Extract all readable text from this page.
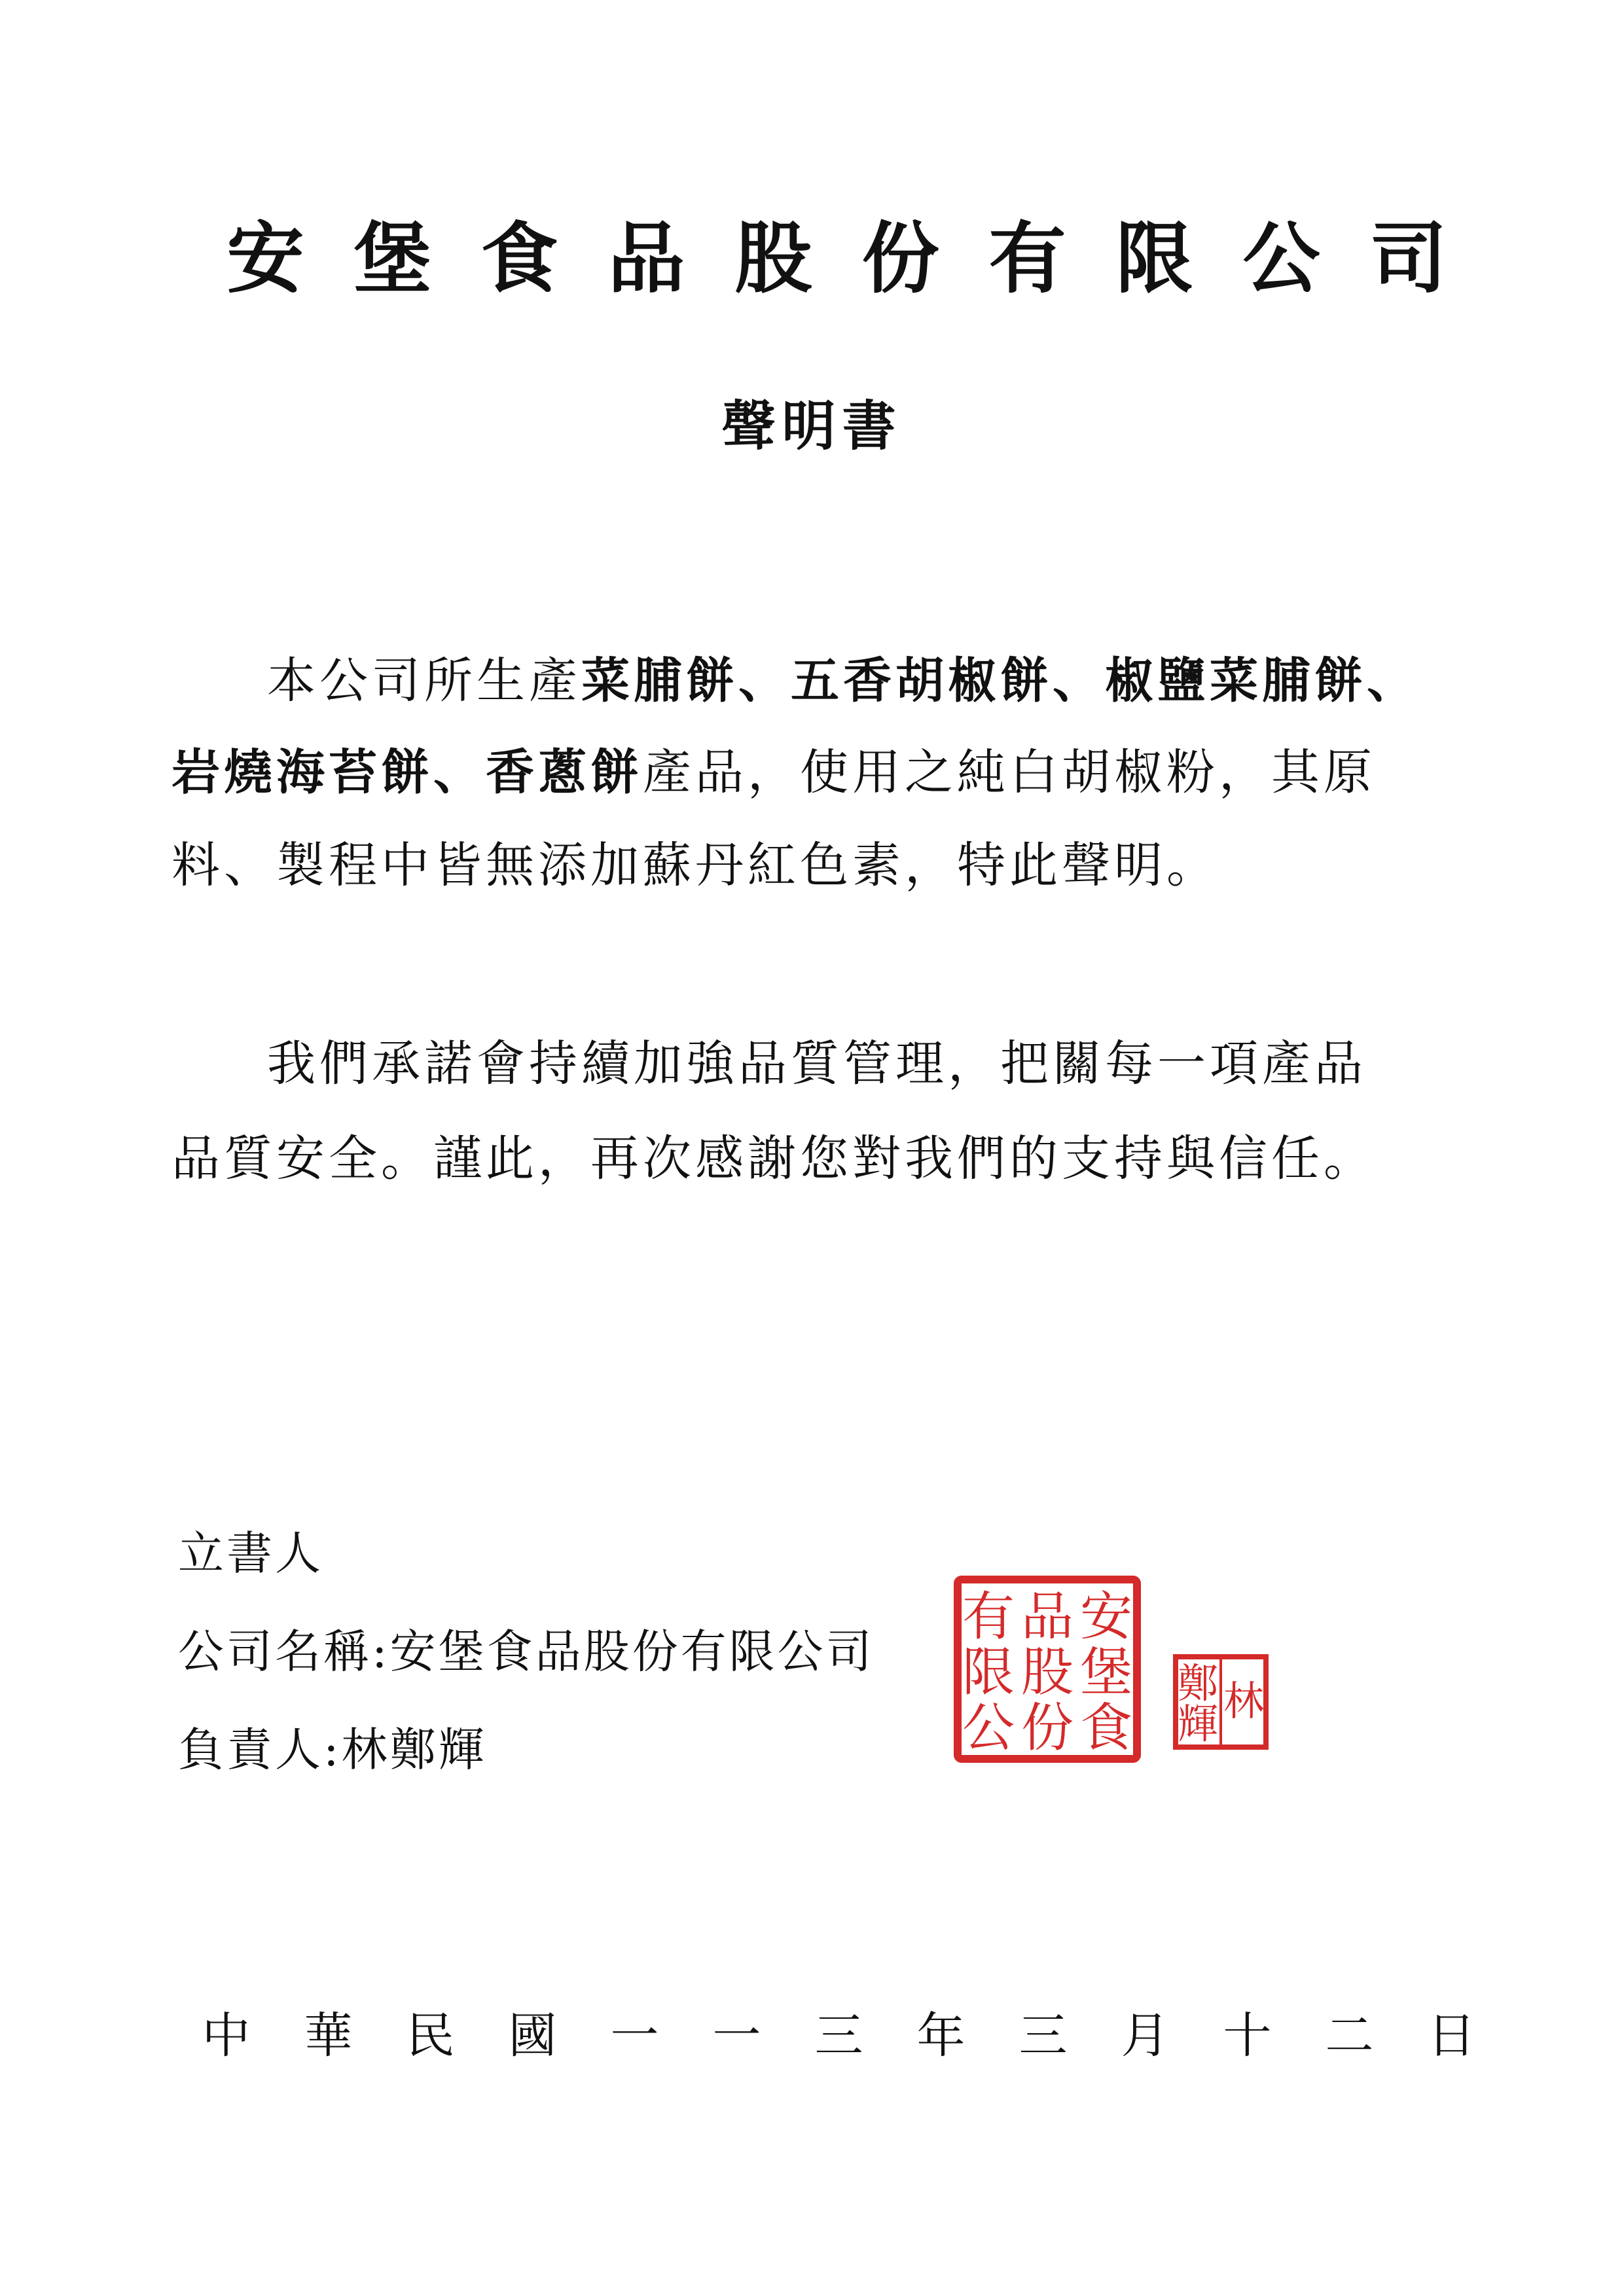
安堡食品股份有限公司
聲明書
本公司所生產菜脯餅、五香胡椒餅、椒鹽菜脯餅、
岩燒海苔餅、香蔥餅產品，使用之純白胡椒粉，其原
料、製程中皆無添加蘇丹紅色素，特此聲明。
我們承諾會持續加強品質管理，把關每一項產品
品質安全。謹此，再次感謝您對我們的支持與信任。
立書人
公司名稱:安堡食品股份有限公司
負責人:林鄭輝
安
堡
食
品
股
份
有
限
公	林
鄭
輝
中華民國一一三年三月十二日
